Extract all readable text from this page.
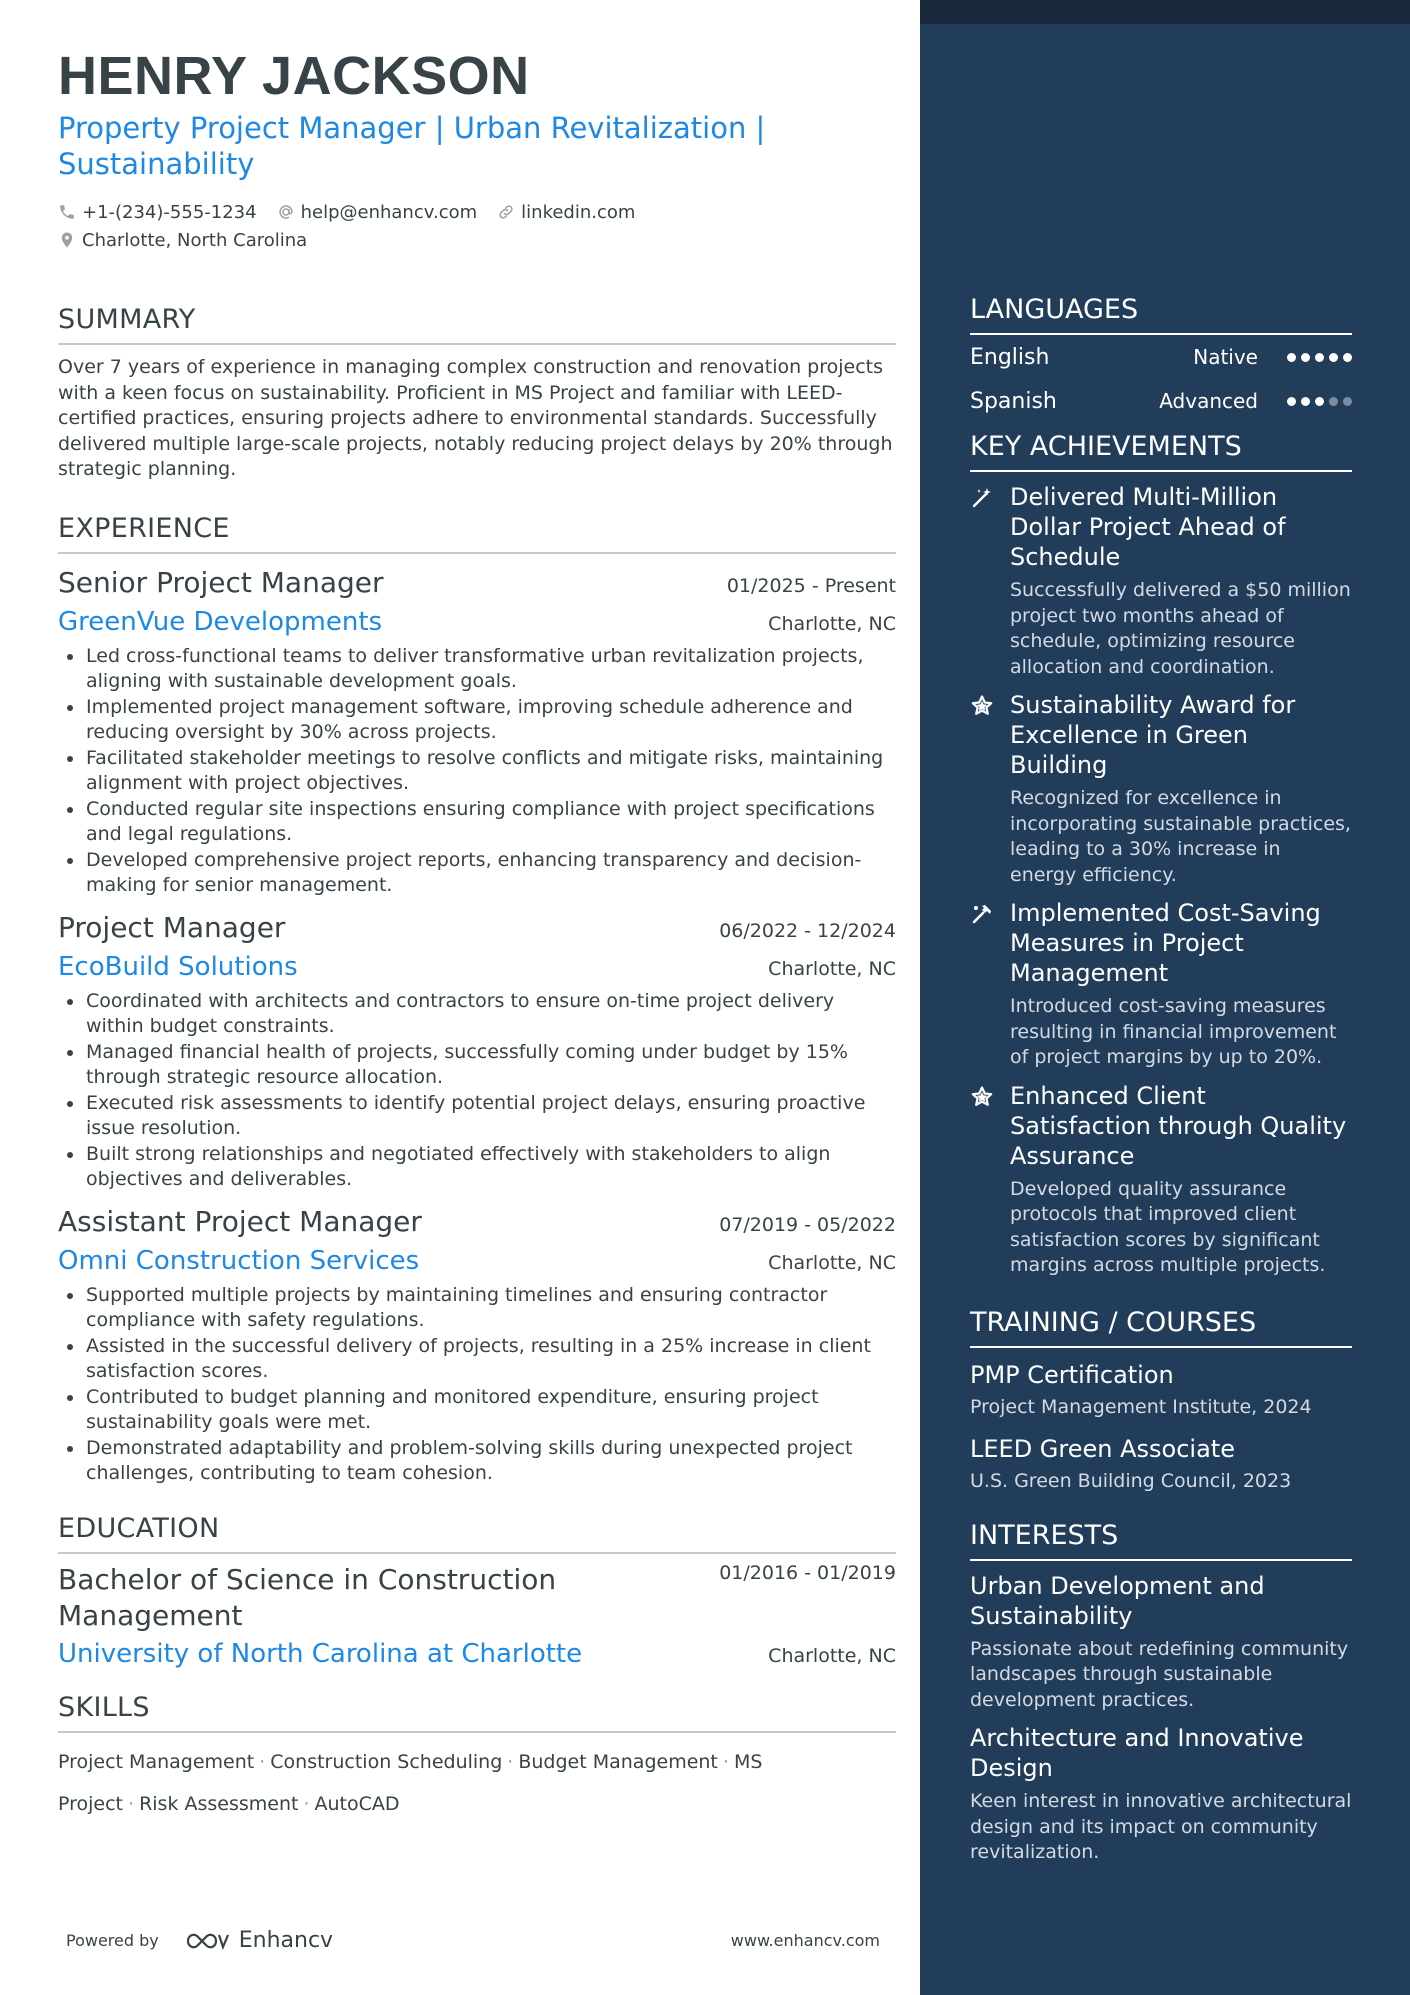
HENRY JACKSON
Property Project Manager | Urban Revitalization | Sustainability
+1-(234)-555-1234 help@enhancv.com linkedin.com
Charlotte, North Carolina
SUMMARY
Over 7 years of experience in managing complex construction and renovation projects with a keen focus on sustainability. Proficient in MS Project and familiar with LEED-certified practices, ensuring projects adhere to environmental standards. Successfully delivered multiple large-scale projects, notably reducing project delays by 20% through strategic planning.
EXPERIENCE
Senior Project Manager	01/2025 - Present
GreenVue Developments	Charlotte, NC
Led cross-functional teams to deliver transformative urban revitalization projects, aligning with sustainable development goals.
Implemented project management software, improving schedule adherence and reducing oversight by 30% across projects.
Facilitated stakeholder meetings to resolve conflicts and mitigate risks, maintaining alignment with project objectives.
Conducted regular site inspections ensuring compliance with project specifications and legal regulations.
Developed comprehensive project reports, enhancing transparency and decision-making for senior management.
Project Manager	06/2022 - 12/2024
EcoBuild Solutions	Charlotte, NC
Coordinated with architects and contractors to ensure on-time project delivery within budget constraints.
Managed financial health of projects, successfully coming under budget by 15% through strategic resource allocation.
Executed risk assessments to identify potential project delays, ensuring proactive issue resolution.
Built strong relationships and negotiated effectively with stakeholders to align objectives and deliverables.
Assistant Project Manager	07/2019 - 05/2022
Omni Construction Services	Charlotte, NC
Supported multiple projects by maintaining timelines and ensuring contractor compliance with safety regulations.
Assisted in the successful delivery of projects, resulting in a 25% increase in client satisfaction scores.
Contributed to budget planning and monitored expenditure, ensuring project sustainability goals were met.
Demonstrated adaptability and problem-solving skills during unexpected project challenges, contributing to team cohesion.
EDUCATION
Bachelor of Science in Construction Management
01/2016 - 01/2019
University of North Carolina at Charlotte	Charlotte, NC
SKILLS
Project Management · Construction Scheduling · Budget Management · MS Project · Risk Assessment · AutoCAD
Powered by	Enhancv	www.enhancv.com
LANGUAGES
English	Native
Spanish	Advanced
KEY ACHIEVEMENTS
Delivered Multi-Million Dollar Project Ahead of Schedule
Successfully delivered a $50 million project two months ahead of schedule, optimizing resource allocation and coordination.
Sustainability Award for Excellence in Green Building
Recognized for excellence in incorporating sustainable practices, leading to a 30% increase in energy efficiency.
Implemented Cost-Saving Measures in Project Management
Introduced cost-saving measures resulting in financial improvement of project margins by up to 20%.
Enhanced Client Satisfaction through Quality Assurance
Developed quality assurance protocols that improved client satisfaction scores by significant margins across multiple projects.
TRAINING / COURSES
PMP Certification
Project Management Institute, 2024
LEED Green Associate
U.S. Green Building Council, 2023
INTERESTS
Urban Development and Sustainability
Passionate about redefining community landscapes through sustainable development practices.
Architecture and Innovative Design
Keen interest in innovative architectural design and its impact on community revitalization.
